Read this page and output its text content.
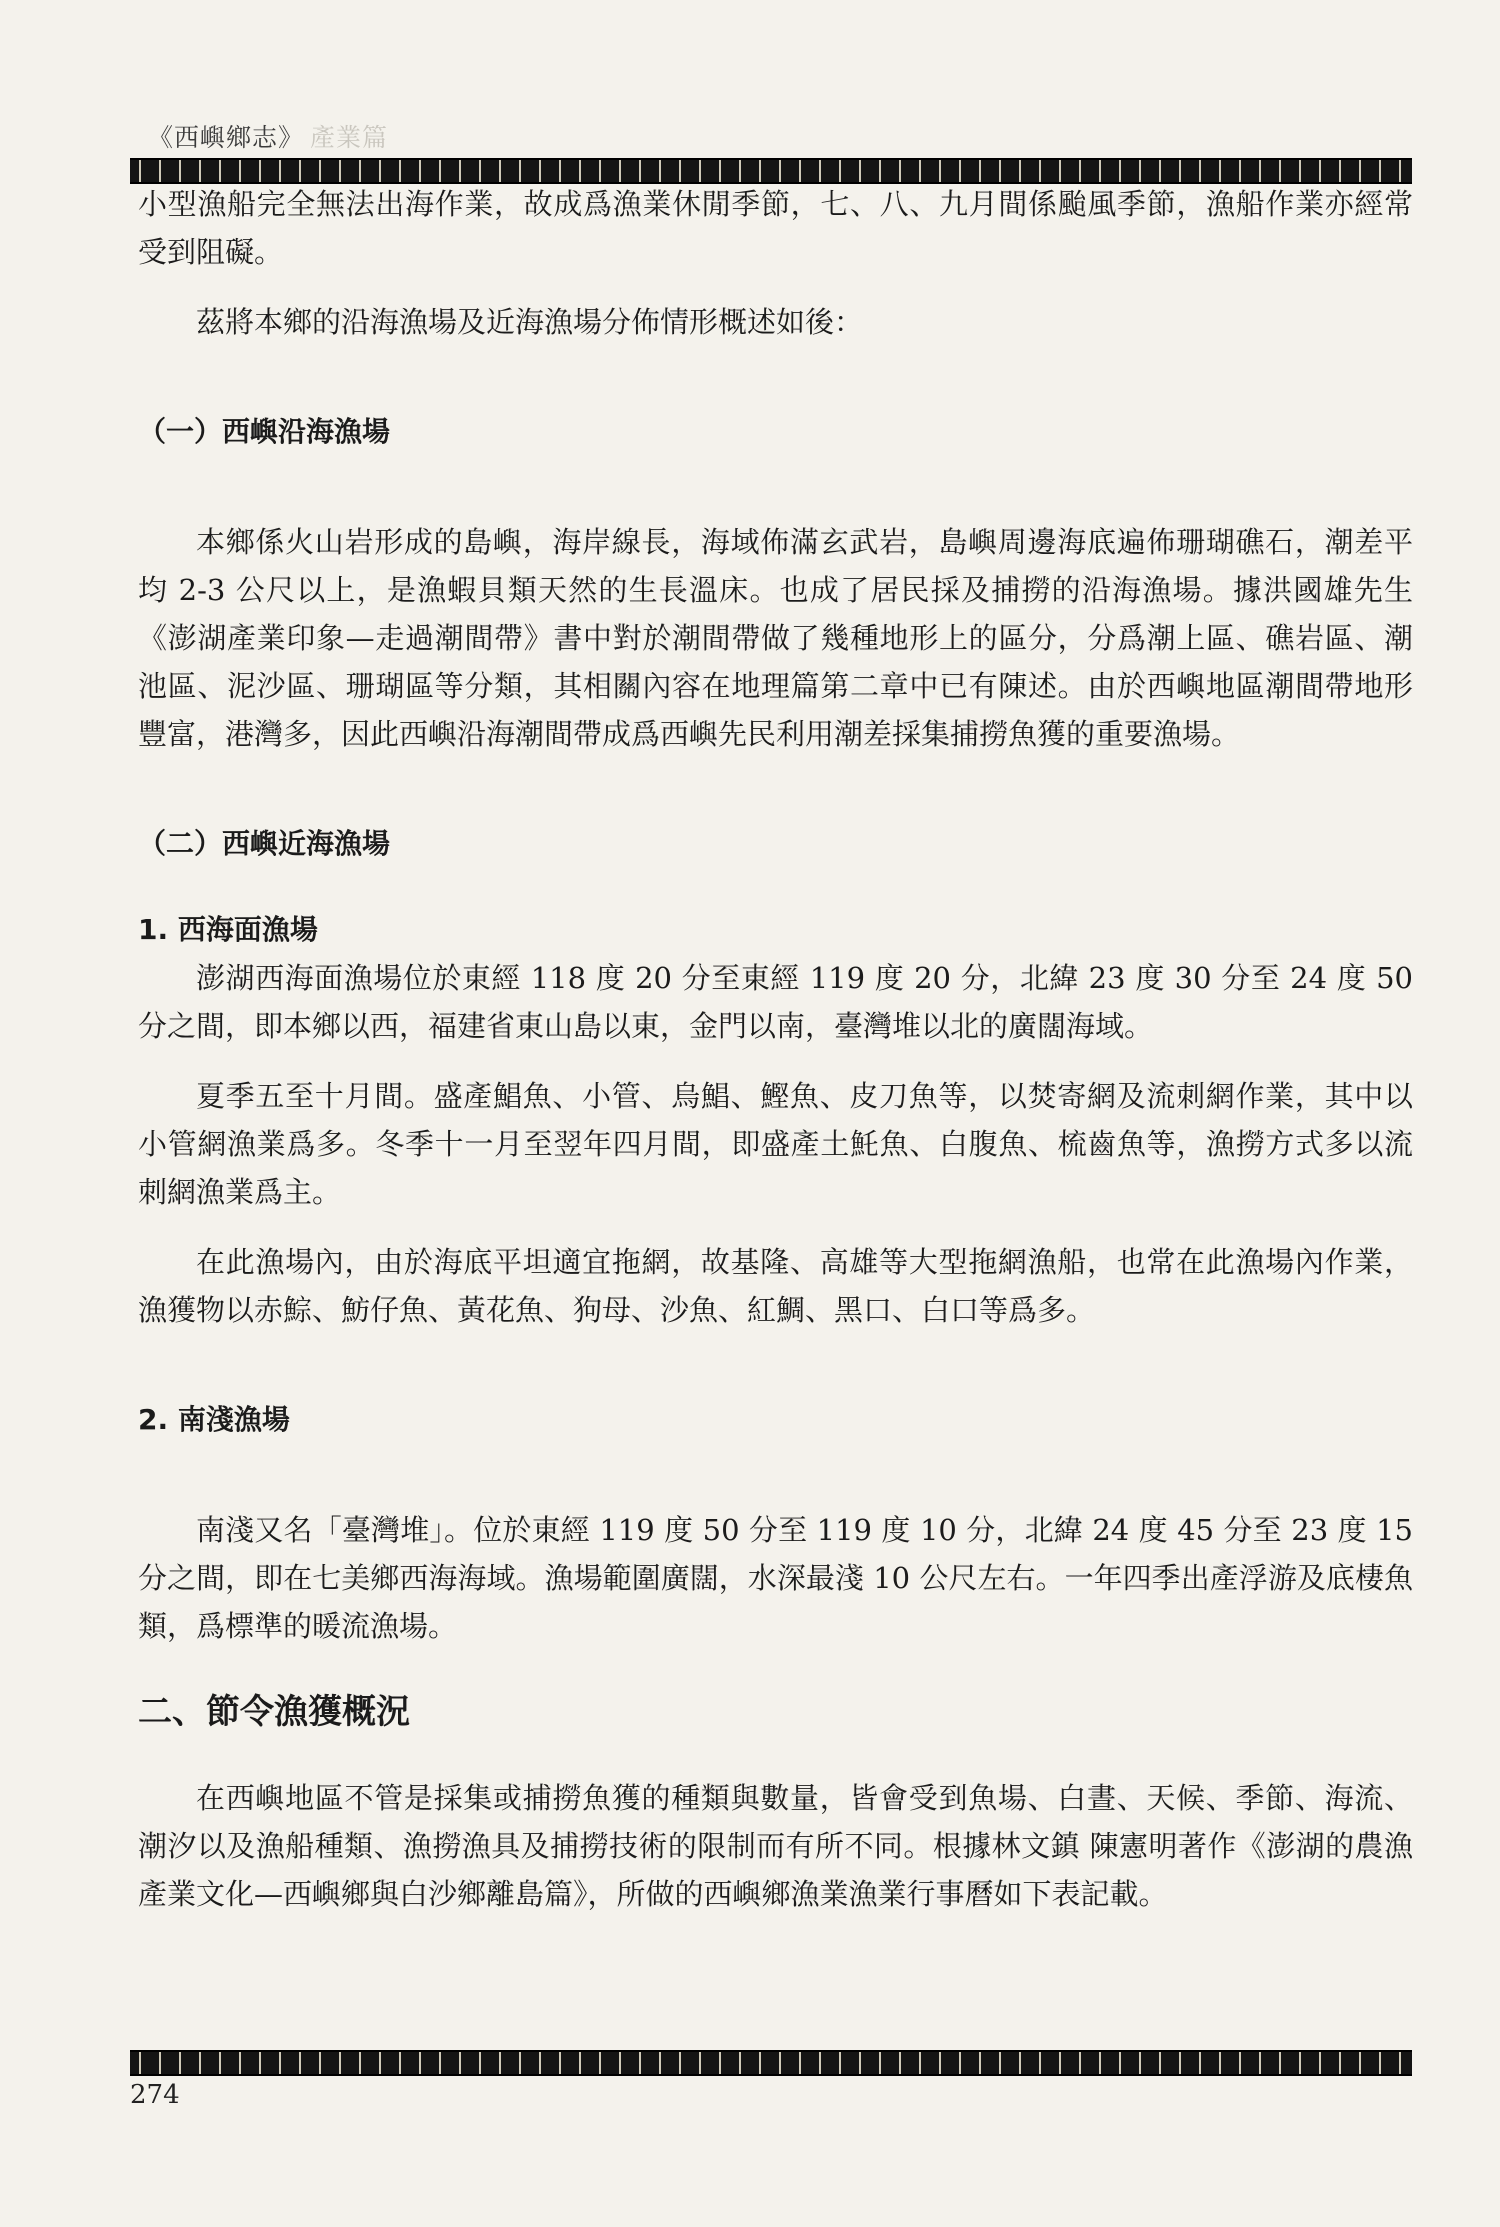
《西嶼鄉志》 產業篇

小型漁船完全無法出海作業，故成爲漁業休閒季節，七、八、九月間係颱風季節，漁船作業亦經常受到阻礙。

茲將本鄉的沿海漁場及近海漁場分佈情形概述如後：

（一）西嶼沿海漁場

本鄉係火山岩形成的島嶼，海岸線長，海域佈滿玄武岩，島嶼周邊海底遍佈珊瑚礁石，潮差平均 2-3 公尺以上，是漁蝦貝類天然的生長溫床。也成了居民採及捕撈的沿海漁場。據洪國雄先生《澎湖產業印象—走過潮間帶》書中對於潮間帶做了幾種地形上的區分，分爲潮上區、礁岩區、潮池區、泥沙區、珊瑚區等分類，其相關內容在地理篇第二章中已有陳述。由於西嶼地區潮間帶地形豐富，港灣多，因此西嶼沿海潮間帶成爲西嶼先民利用潮差採集捕撈魚獲的重要漁場。

（二）西嶼近海漁場

1. 西海面漁場

澎湖西海面漁場位於東經 118 度 20 分至東經 119 度 20 分，北緯 23 度 30 分至 24 度 50 分之間，即本鄉以西，福建省東山島以東，金門以南，臺灣堆以北的廣闊海域。

夏季五至十月間。盛產鯧魚、小管、烏鯧、鰹魚、皮刀魚等，以焚寄網及流刺網作業，其中以小管網漁業爲多。冬季十一月至翌年四月間，即盛產土魠魚、白腹魚、梳齒魚等，漁撈方式多以流刺網漁業爲主。

在此漁場內，由於海底平坦適宜拖網，故基隆、高雄等大型拖網漁船，也常在此漁場內作業，漁獲物以赤鯮、魴仔魚、黃花魚、狗母、沙魚、紅鯛、黑口、白口等爲多。

2. 南淺漁場

南淺又名「臺灣堆」。位於東經 119 度 50 分至 119 度 10 分，北緯 24 度 45 分至 23 度 15 分之間，即在七美鄉西海海域。漁場範圍廣闊，水深最淺 10 公尺左右。一年四季出產浮游及底棲魚類，爲標準的暖流漁場。

二、節令漁獲概況

在西嶼地區不管是採集或捕撈魚獲的種類與數量，皆會受到魚場、白晝、天候、季節、海流、潮汐以及漁船種類、漁撈漁具及捕撈技術的限制而有所不同。根據林文鎮 陳憲明著作《澎湖的農漁產業文化—西嶼鄉與白沙鄉離島篇》，所做的西嶼鄉漁業漁業行事曆如下表記載。

274
